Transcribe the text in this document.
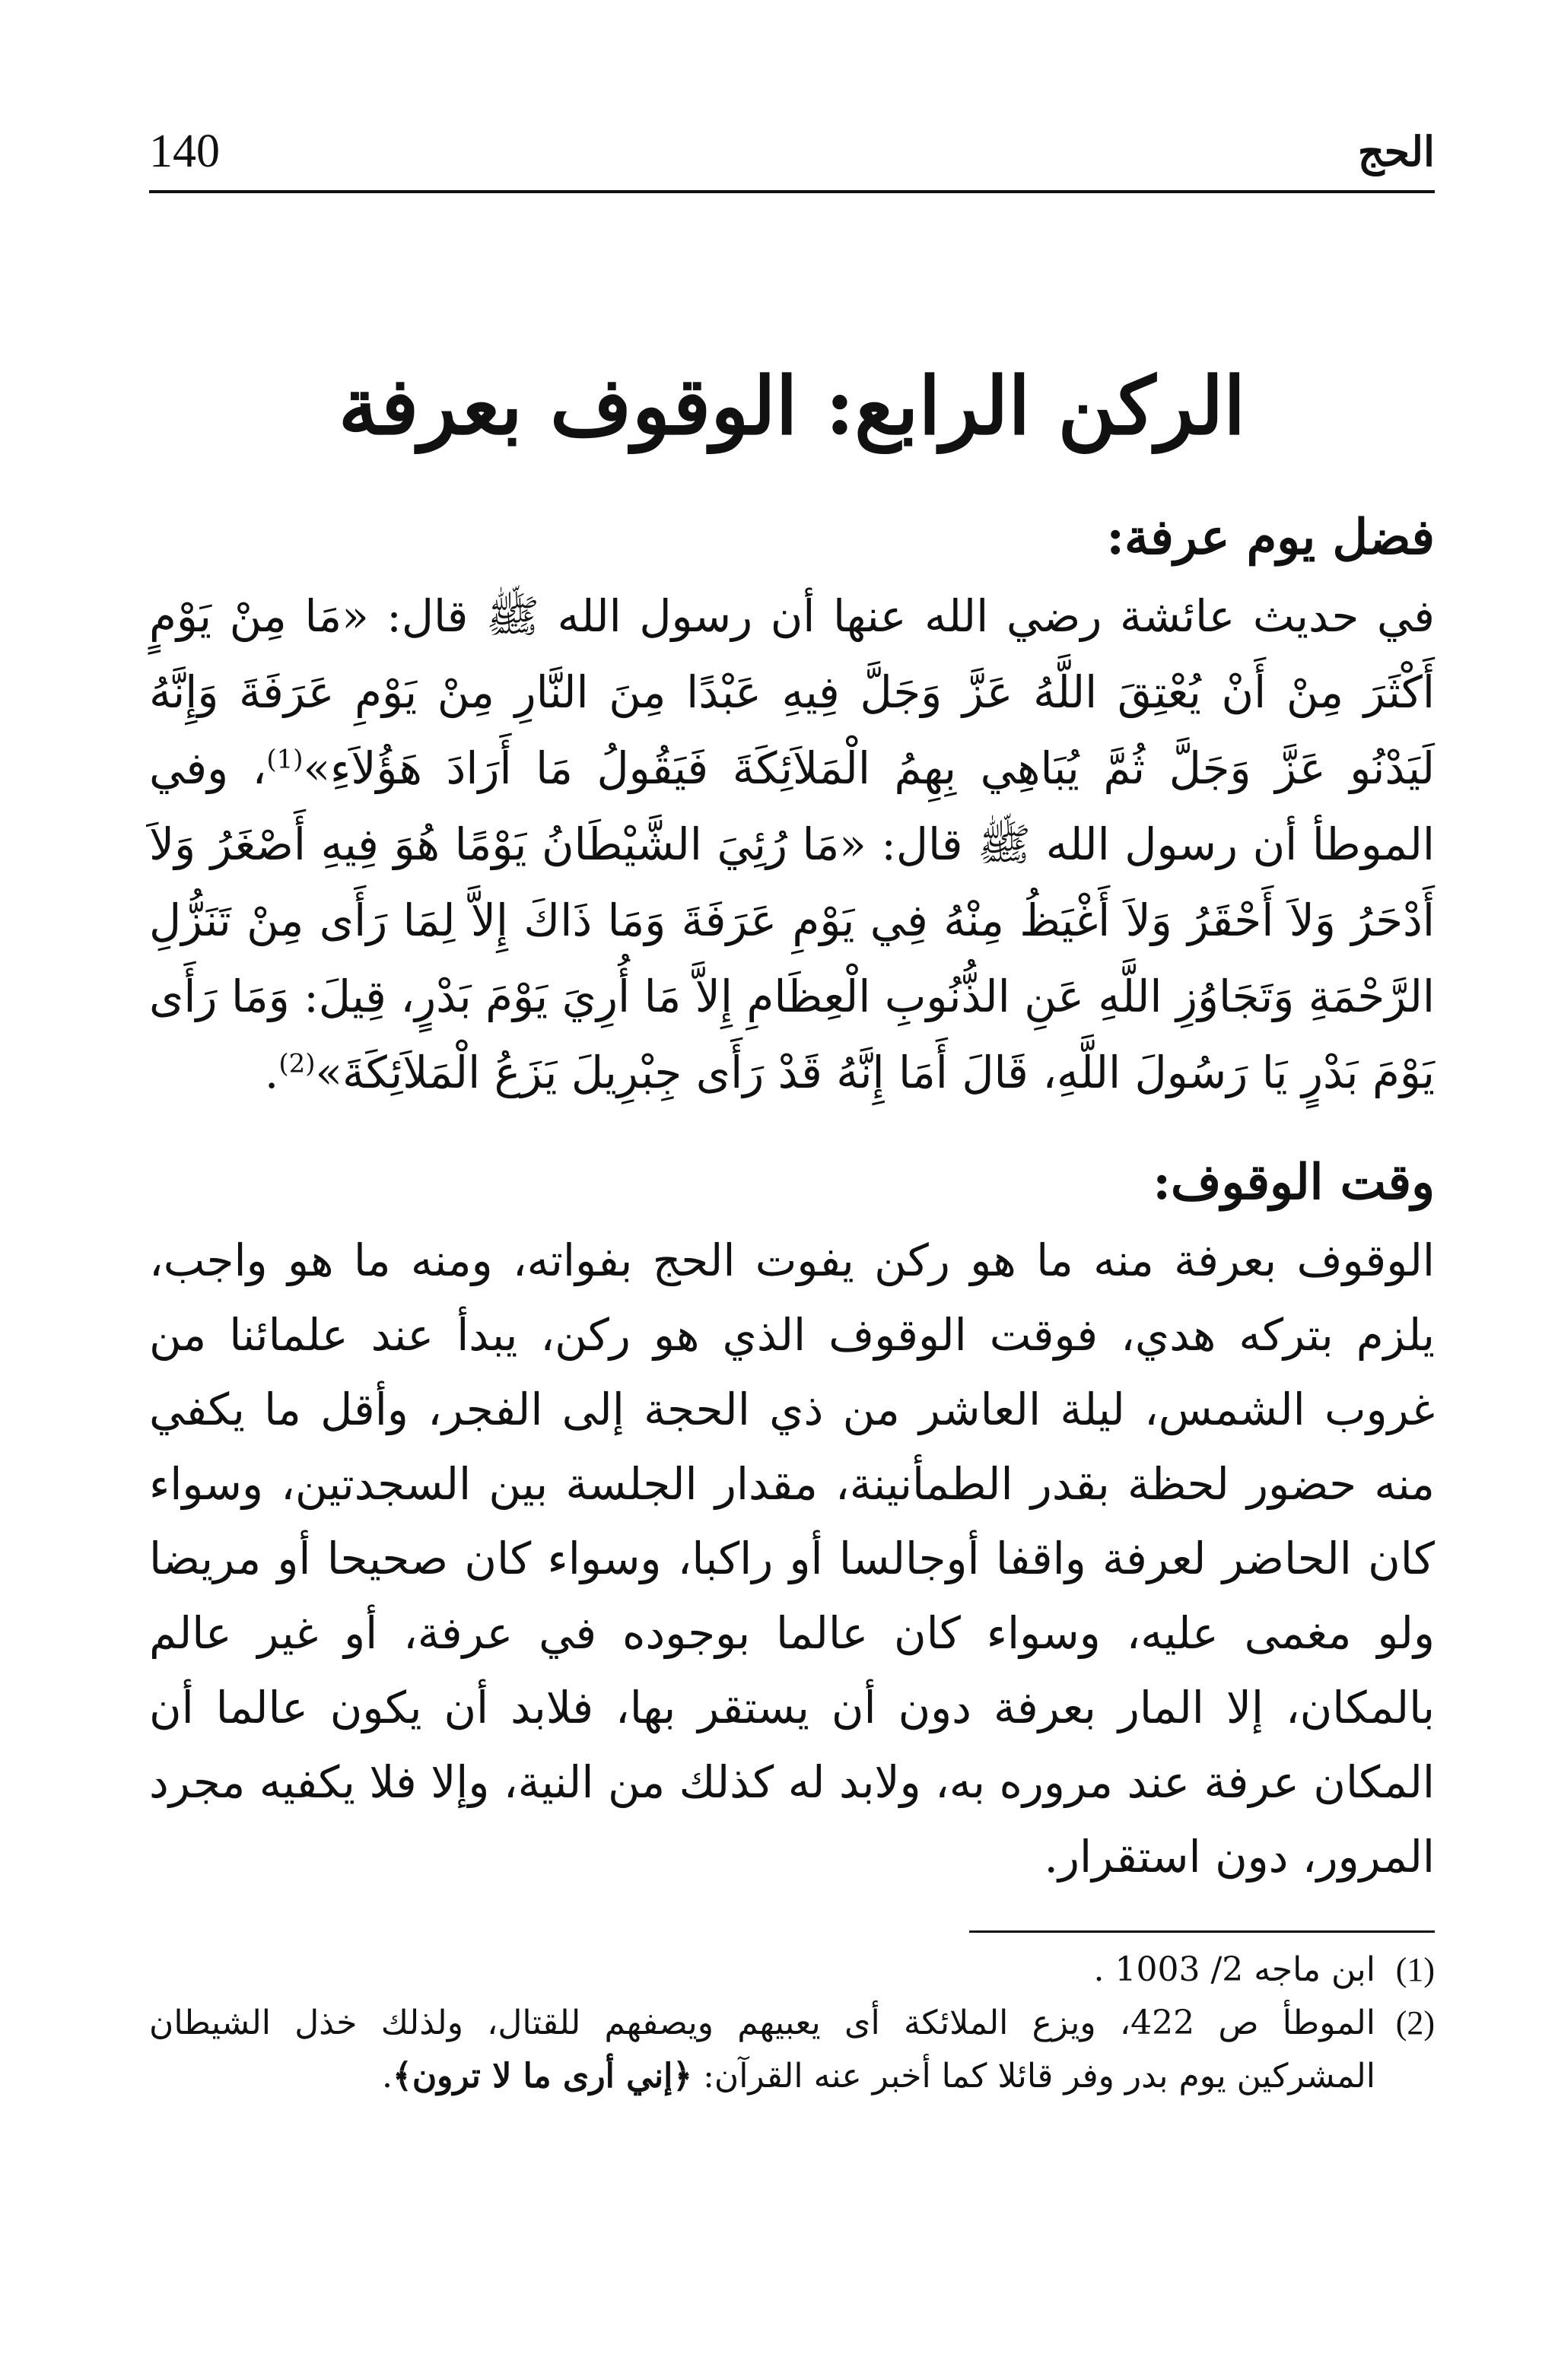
140	الحج
الركن الرابع: الوقوف بعرفة
فضل يوم عرفة:

في حديث عائشة رضي الله عنها أن رسول الله ﷺ قال: «مَا مِنْ يَوْمٍ أَكْثَرَ مِنْ أَنْ يُعْتِقَ اللَّهُ عَزَّ وَجَلَّ فِيهِ عَبْدًا مِنَ النَّارِ مِنْ يَوْمِ عَرَفَةَ وَإِنَّهُ لَيَدْنُو عَزَّ وَجَلَّ ثُمَّ يُبَاهِي بِهِمُ الْمَلاَئِكَةَ فَيَقُولُ مَا أَرَادَ هَؤُلاَءِ»$^{(1)}$، وفي الموطأ أن رسول الله ﷺ قال: «مَا رُئِيَ الشَّيْطَانُ يَوْمًا هُوَ فِيهِ أَصْغَرُ وَلاَ أَدْحَرُ وَلاَ أَحْقَرُ وَلاَ أَغْيَظُ مِنْهُ فِي يَوْمِ عَرَفَةَ وَمَا ذَاكَ إِلاَّ لِمَا رَأَى مِنْ تَنَزُّلِ الرَّحْمَةِ وَتَجَاوُزِ اللَّهِ عَنِ الذُّنُوبِ الْعِظَامِ إِلاَّ مَا أُرِيَ يَوْمَ بَدْرٍ، قِيلَ: وَمَا رَأَى يَوْمَ بَدْرٍ يَا رَسُولَ اللَّهِ، قَالَ أَمَا إِنَّهُ قَدْ رَأَى جِبْرِيلَ يَزَعُ الْمَلاَئِكَةَ»$^{(2)}$.

وقت الوقوف:

الوقوف بعرفة منه ما هو ركن يفوت الحج بفواته، ومنه ما هو واجب، يلزم بتركه هدي، فوقت الوقوف الذي هو ركن، يبدأ عند علمائنا من غروب الشمس، ليلة العاشر من ذي الحجة إلى الفجر، وأقل ما يكفي منه حضور لحظة بقدر الطمأنينة، مقدار الجلسة بين السجدتين، وسواء كان الحاضر لعرفة واقفا أوجالسا أو راكبا، وسواء كان صحيحا أو مريضا ولو مغمى عليه، وسواء كان عالما بوجوده في عرفة، أو غير عالم بالمكان، إلا المار بعرفة دون أن يستقر بها، فلابد أن يكون عالما أن المكان عرفة عند مروره به، ولابد له كذلك من النية، وإلا فلا يكفيه مجرد المرور، دون استقرار.

(1)
ابن ماجه 2/ 1003 .
(2)
الموطأ ص 422، ويزع الملائكة أى يعبيهم ويصفهم للقتال، ولذلك خذل الشيطان المشركين يوم بدر وفر قائلا كما أخبر عنه القرآن: ﴿إني أرى ما لا ترون﴾.
